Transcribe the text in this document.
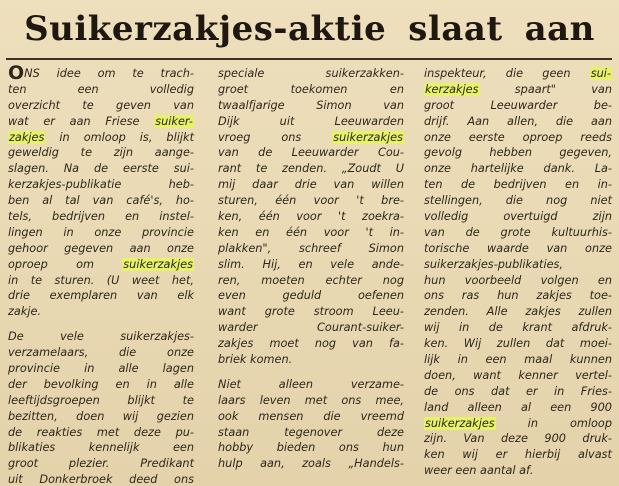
Suikerzakjes-aktie slaat aan
ONS idee om te trach-
ten een volledig
overzicht te geven van
wat er aan Friese suiker-
zakjes in omloop is, blijkt
geweldig te zijn aange-
slagen. Na de eerste sui-
kerzakjes-publikatie heb-
ben al tal van café's, ho-
tels, bedrijven en instel-
lingen in onze provincie
gehoor gegeven aan onze
oproep om suikerzakjes
in te sturen. (U weet het,
drie exemplaren van elk
zakje.
De vele suikerzakjes-
verzamelaars, die onze
provincie in alle lagen
der bevolking en in alle
leeftijdsgroepen blijkt te
bezitten, doen wij gezien
de reakties met deze pu-
blikaties kennelijk een
groot plezier. Predikant
uit Donkerbroek deed ons
speciale suikerzakken-
groet toekomen en
twaalfjarige Simon van
Dijk uit Leeuwarden
vroeg ons suikerzakjes
van de Leeuwarder Cou-
rant te zenden. „Zoudt U
mij daar drie van willen
sturen, één voor 't bre-
ken, één voor 't zoekra-
ken en één voor 't in-
plakken", schreef Simon
slim. Hij, en vele ande-
ren, moeten echter nog
even geduld oefenen
want grote stroom Leeu-
warder Courant-suiker-
zakjes moet nog van fa-
briek komen.
Niet alleen verzame-
laars leven met ons mee,
ook mensen die vreemd
staan tegenover deze
hobby bieden ons hun
hulp aan, zoals „Handels-
inspekteur, die geen sui-
kerzakjes spaart" van
groot Leeuwarder be-
drijf. Aan allen, die aan
onze eerste oproep reeds
gevolg hebben gegeven,
onze hartelijke dank. La-
ten de bedrijven en in-
stellingen, die nog niet
volledig overtuigd zijn
van de grote kultuurhis-
torische waarde van onze
suikerzakjes-publikaties,
hun voorbeeld volgen en
ons ras hun zakjes toe-
zenden. Alle zakjes zullen
wij in de krant afdruk-
ken. Wij zullen dat moei-
lijk in een maal kunnen
doen, want kenner vertel-
de ons dat er in Fries-
land alleen al een 900
suikerzakjes in omloop
zijn. Van deze 900 druk-
ken wij er hierbij alvast
weer een aantal af.
